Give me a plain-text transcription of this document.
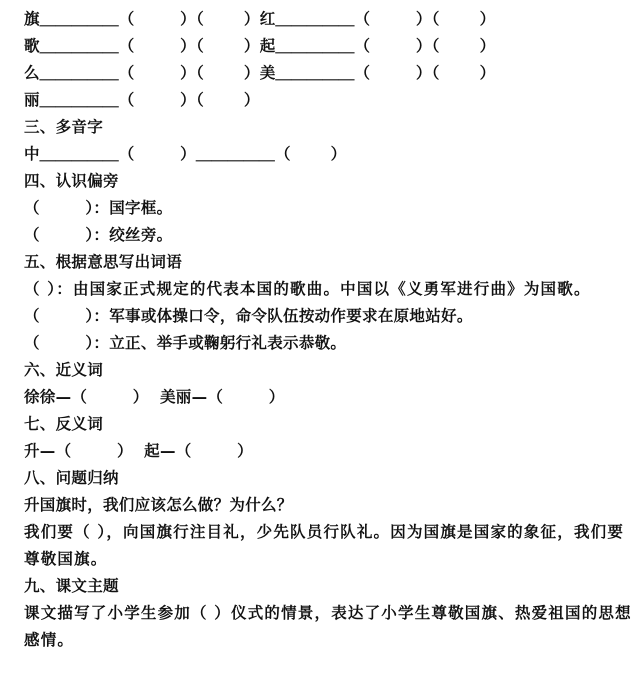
旗＿＿＿＿＿（        ）（       ）红＿＿＿＿＿（        ）（       ）
歌＿＿＿＿＿（        ）（       ）起＿＿＿＿＿（        ）（       ）
么＿＿＿＿＿（        ）（       ）美＿＿＿＿＿（        ）（       ）
丽＿＿＿＿＿（        ）（       ）
三、多音字
中＿＿＿＿＿（        ）＿＿＿＿＿（       ）
四、认识偏旁
（        ）：国字框。
（        ）：绞丝旁。
五、根据意思写出词语
（ ）：由国家正式规定的代表本国的歌曲。中国以《义勇军进行曲》为国歌。
（        ）：军事或体操口令，命令队伍按动作要求在原地站好。
（        ）：立正、举手或鞠躬行礼表示恭敬。
六、近义词
徐徐—（        ）  美丽—（        ）
七、反义词
升—（        ）  起—（        ）
八、问题归纳
升国旗时，我们应该怎么做？为什么？
我们要（ ），向国旗行注目礼，少先队员行队礼。因为国旗是国家的象征，我们要尊敬国旗。
九、课文主题
课文描写了小学生参加（ ）仪式的情景，表达了小学生尊敬国旗、热爱祖国的思想感情。
